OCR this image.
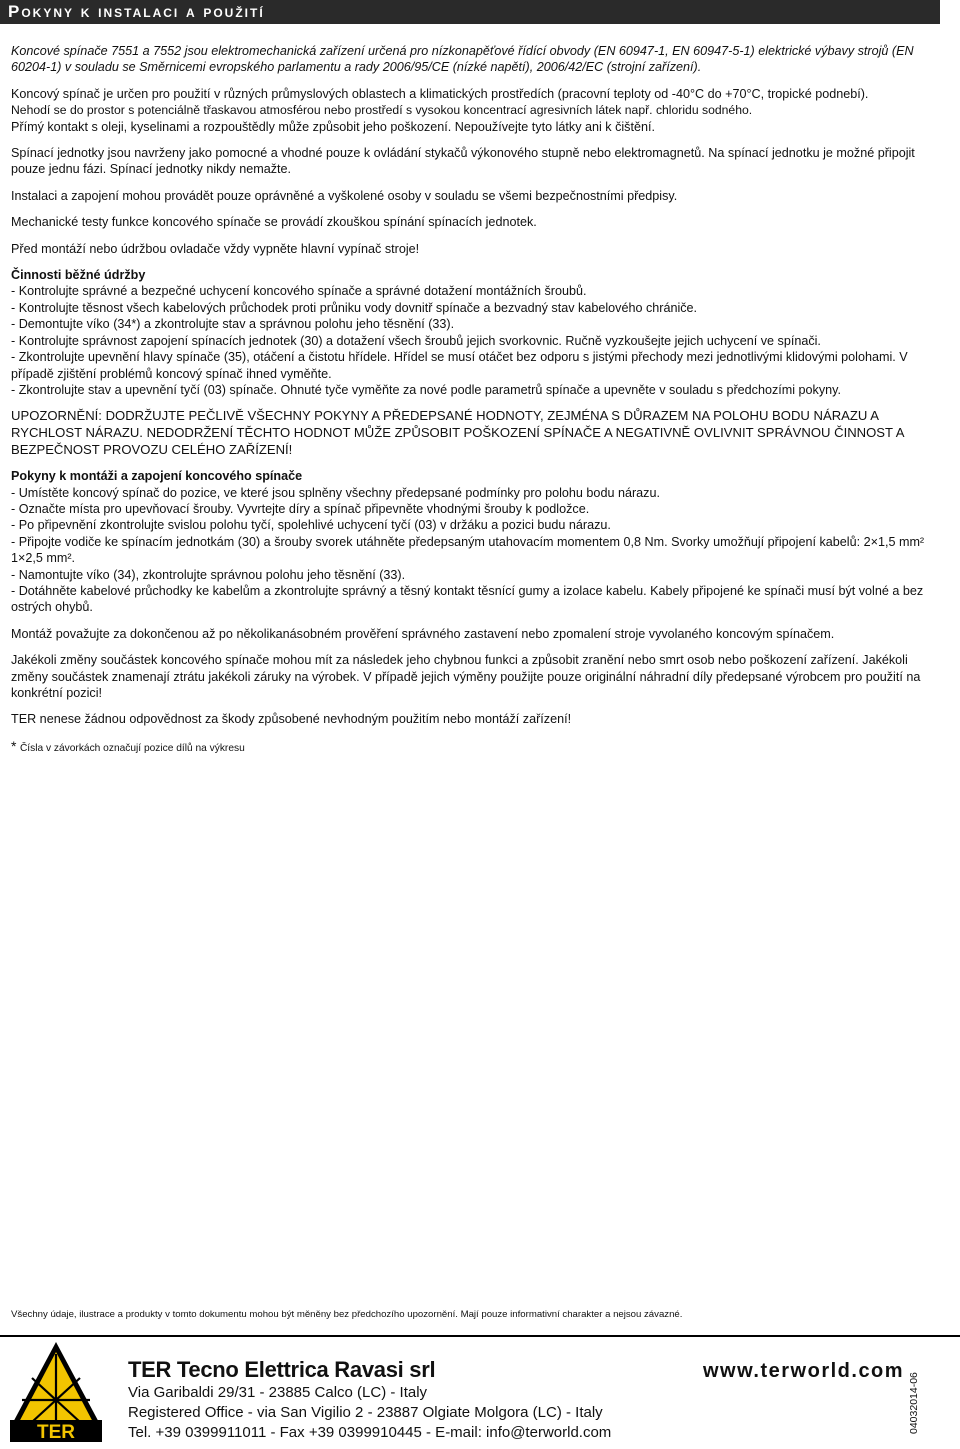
Pokyny k instalaci a použití

Koncové spínače 7551 a 7552 jsou elektromechanická zařízení určená pro nízkonapěťové řídící obvody (EN 60947-1, EN 60947-5-1) elektrické výbavy strojů (EN 60204-1) v souladu se Směrnicemi evropského parlamentu a rady 2006/95/CE (nízké napětí), 2006/42/EC (strojní zařízení).

Koncový spínač je určen pro použití v různých průmyslových oblastech a klimatických prostředích (pracovní teploty od -40°C do +70°C, tropické podnebí).
Nehodí se do prostor s potenciálně třaskavou atmosférou nebo prostředí s vysokou koncentrací agresivních látek např. chloridu sodného.
Přímý kontakt s oleji, kyselinami a rozpouštědly může způsobit jeho poškození. Nepoužívejte tyto látky ani k čištění.

Spínací jednotky jsou navrženy jako pomocné a vhodné pouze k ovládání stykačů výkonového stupně nebo elektromagnetů. Na spínací jednotku je možné připojit pouze jednu fázi. Spínací jednotky nikdy nemažte.

Instalaci a zapojení mohou provádět pouze oprávněné a vyškolené osoby v souladu se všemi bezpečnostními předpisy.

Mechanické testy funkce koncového spínače se provádí zkouškou spínání spínacích jednotek.

Před montáží nebo údržbou ovladače vždy vypněte hlavní vypínač stroje!

Činnosti běžné údržby
- Kontrolujte správné a bezpečné uchycení koncového spínače a správné dotažení montážních šroubů.
- Kontrolujte těsnost všech kabelových průchodek proti průniku vody dovnitř spínače a bezvadný stav kabelového chráničе.
- Demontujte víko (34*) a zkontrolujte stav a správnou polohu jeho těsnění (33).
- Kontrolujte správnost zapojení spínacích jednotek (30) a dotažení všech šroubů jejich svorkovnic. Ručně vyzkoušejte jejich uchycení ve spínači.
- Zkontrolujte upevnění hlavy spínače (35), otáčení a čistotu hřídele. Hřídel se musí otáčet bez odporu s jistými přechody mezi jednotlivými klidovými polohami. V případě zjištění problémů koncový spínač ihned vyměňte.
- Zkontrolujte stav a upevnění tyčí (03) spínače. Ohnuté tyče vyměňte za nové podle parametrů spínače a upevněte v souladu s předchozími pokyny.

UPOZORNĚNÍ: DODRŽUJTE PEČLIVĚ VŠECHNY POKYNY A PŘEDEPSANÉ HODNOTY, ZEJMÉNA S DŮRAZEM NA POLOHU BODU NÁRAZU A RYCHLOST NÁRAZU. NEDODRŽENÍ TĚCHTO HODNOT MŮŽE ZPŮSOBIT POŠKOZENÍ SPÍNAČE A NEGATIVNĚ OVLIVNIT SPRÁVNOU ČINNOST A BEZPEČNOST PROVOZU CELÉHO ZAŘÍZENÍ!

Pokyny k montáži a zapojení koncového spínače
- Umístěte koncový spínač do pozice, ve které jsou splněny všechny předepsané podmínky pro polohu bodu nárazu.
- Označte místa pro upevňovací šrouby. Vyvrtejte díry a spínač připevněte vhodnými šrouby k podložce.
- Po připevnění zkontrolujte svislou polohu tyčí, spolehlivé uchycení tyčí (03) v držáku a pozici budu nárazu.
- Připojte vodiče ke spínacím jednotkám (30) a šrouby svorek utáhněte předepsaným utahovacím momentem 0,8 Nm. Svorky umožňují připojení kabelů: 2×1,5 mm² 1×2,5 mm².
- Namontujte víko (34), zkontrolujte správnou polohu jeho těsnění (33).
- Dotáhněte kabelové průchodky ke kabelům a zkontrolujte správný a těsný kontakt těsnící gumy a izolace kabelu. Kabely připojené ke spínači musí být volné a bez ostrých ohybů.

Montáž považujte za dokončenou až po několikanásobném prověření správného zastavení nebo zpomalení stroje vyvolaného koncovým spínačem.

Jakékoli změny součástek koncového spínače mohou mít za následek jeho chybnou funkci a způsobit zranění nebo smrt osob nebo poškození zařízení. Jakékoli změny součástek znamenají ztrátu jakékoli záruky na výrobek. V případě jejich výměny použijte pouze originální náhradní díly předepsané výrobcem pro použití na konkrétní pozici!

TER nenese žádnou odpovědnost za škody způsobené nevhodným použitím nebo montáží zařízení!

* Čísla v závorkách označují pozice dílů na výkresu

Všechny údaje, ilustrace a produkty v tomto dokumentu mohou být měněny bez předchozího upozornění. Mají pouze informativní charakter a nejsou závazné.
TER
TER Tecno Elettrica Ravasi srl
Via Garibaldi 29/31 - 23885 Calco (LC) - Italy
Registered Office - via San Vigilio 2 - 23887 Olgiate Molgora (LC) - Italy
Tel. +39 0399911011 - Fax +39 0399910445 - E-mail: info@terworld.com
www.terworld.com
04032014-06
